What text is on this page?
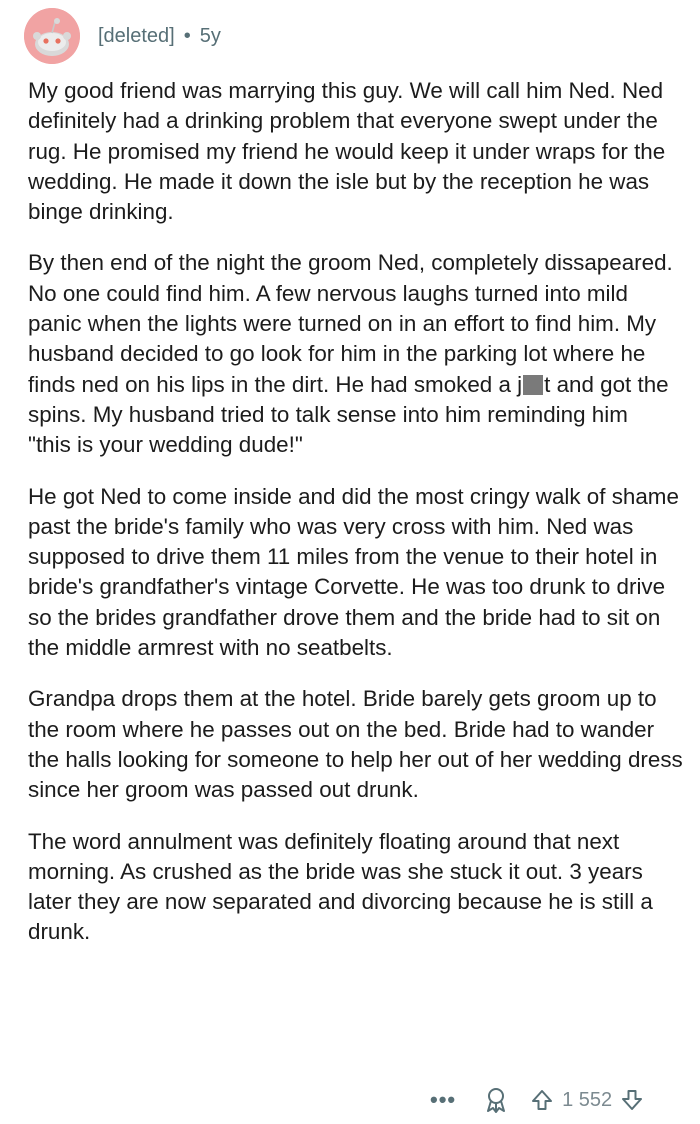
[deleted] • 5y

My good friend was marrying this guy. We will call him Ned. Ned definitely had a drinking problem that everyone swept under the rug. He promised my friend he would keep it under wraps for the wedding. He made it down the isle but by the reception he was binge drinking.

By then end of the night the groom Ned, completely dissapeared. No one could find him. A few nervous laughs turned into mild panic when the lights were turned on in an effort to find him. My husband decided to go look for him in the parking lot where he finds ned on his lips in the dirt. He had smoked a j t and got the spins. My husband tried to talk sense into him reminding him  "this is your wedding dude!"

He got Ned to come inside and did the most cringy walk of shame past the bride's family who was very cross with him. Ned was supposed to drive them 11 miles from the venue to their hotel in bride's grandfather's vintage Corvette. He was too drunk to drive so the brides grandfather drove them and the bride had to sit on the middle armrest with no seatbelts.

Grandpa drops them at the hotel. Bride barely gets groom up to the room where he passes out on the bed. Bride had to wander the halls looking for someone to help her out of her wedding dress since her groom was passed out drunk.

The word annulment was definitely floating around that next morning. As crushed as the bride was she stuck it out. 3 years later they are now separated and divorcing because he is still a drunk.

•••	1 552
